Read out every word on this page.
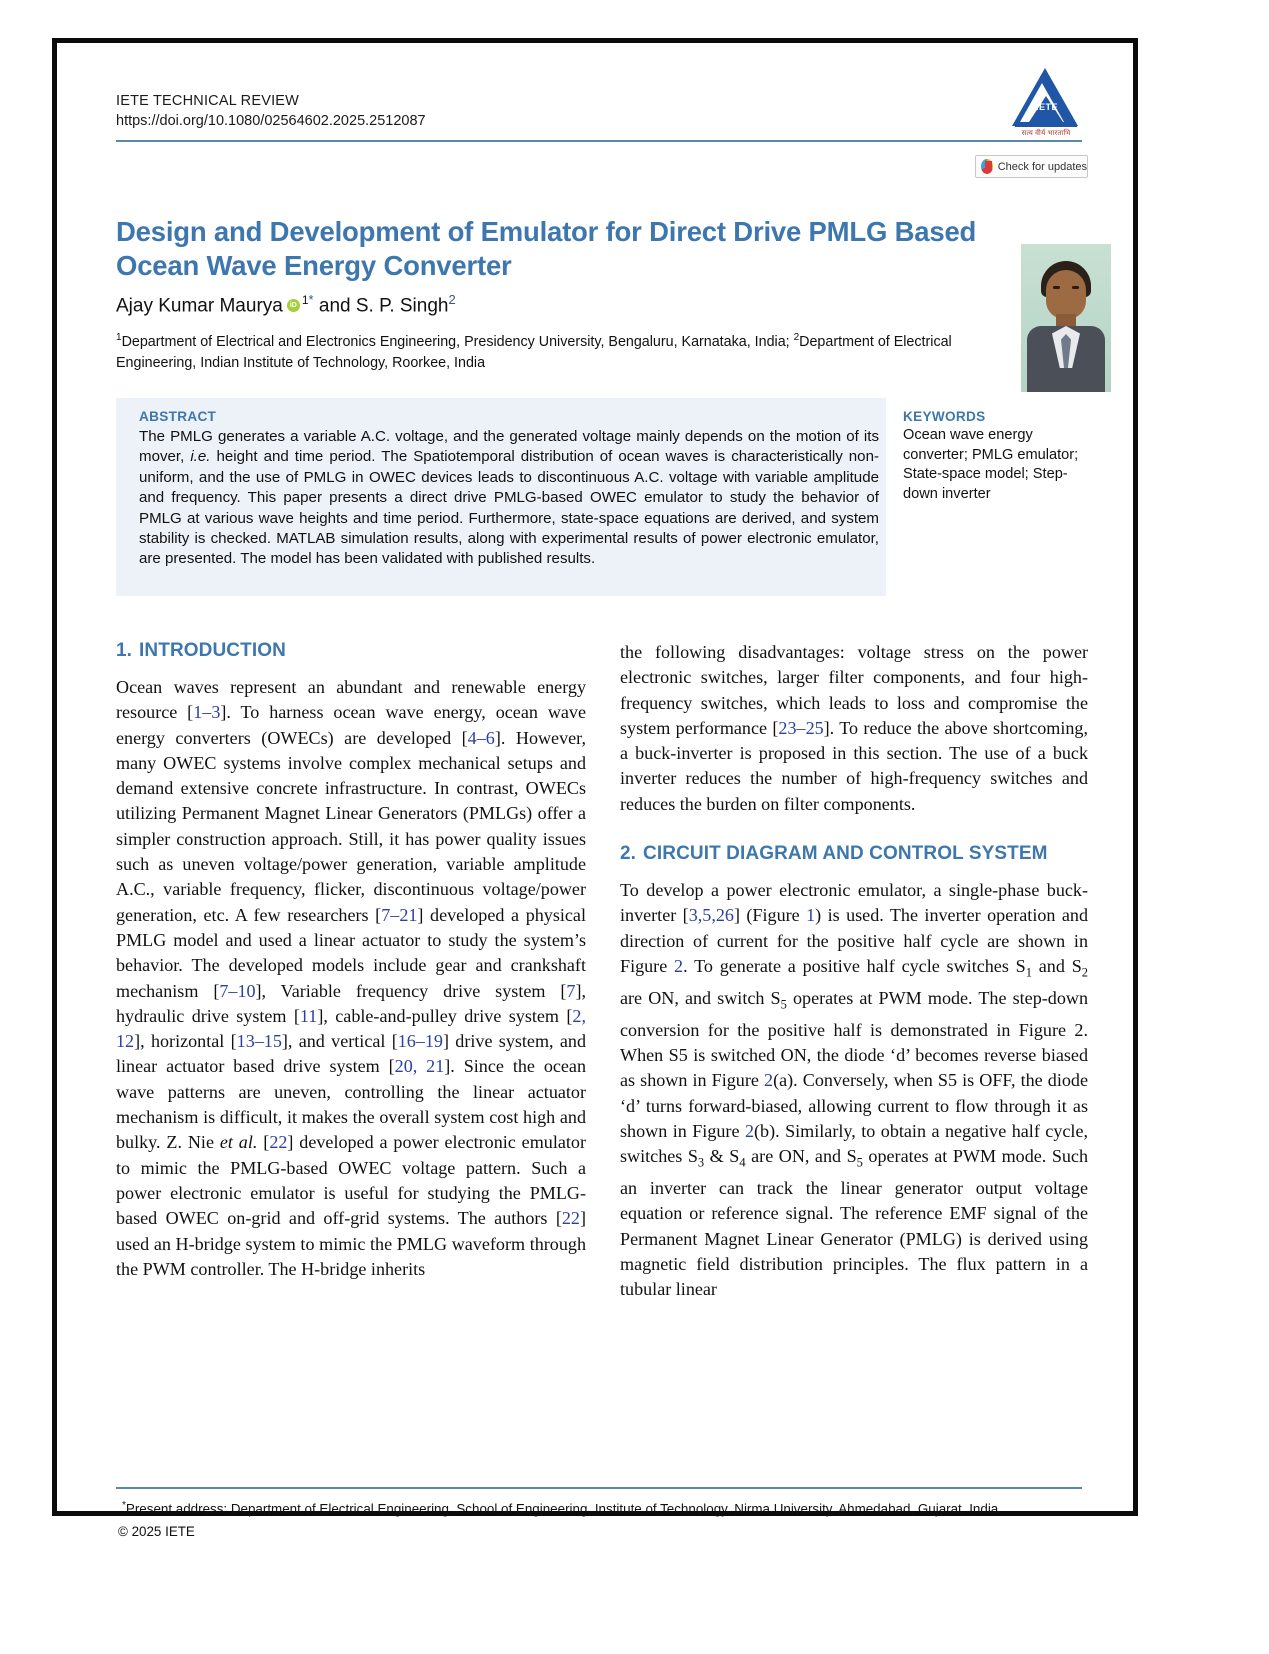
IETE TECHNICAL REVIEW
https://doi.org/10.1080/02564602.2025.2512087
IETE
सत्य वीर्य भारताभि
Check for updates
Design and Development of Emulator for Direct Drive PMLG Based Ocean Wave Energy Converter
Ajay Kumar Maurya iD $^{1*}$ and S. P. Singh$^2$
$^1$Department of Electrical and Electronics Engineering, Presidency University, Bengaluru, Karnataka, India; $^2$Department of Electrical Engineering, Indian Institute of Technology, Roorkee, India
ABSTRACT
The PMLG generates a variable A.C. voltage, and the generated voltage mainly depends on the motion of its mover, i.e. height and time period. The Spatiotemporal distribution of ocean waves is characteristically non-uniform, and the use of PMLG in OWEC devices leads to discontinuous A.C. voltage with variable amplitude and frequency. This paper presents a direct drive PMLG-based OWEC emulator to study the behavior of PMLG at various wave heights and time period. Furthermore, state-space equations are derived, and system stability is checked. MATLAB simulation results, along with experimental results of power electronic emulator, are presented. The model has been validated with published results.
KEYWORDS
Ocean wave energy converter; PMLG emulator; State-space model; Step-down inverter
1. INTRODUCTION

Ocean waves represent an abundant and renewable energy resource [1–3]. To harness ocean wave energy, ocean wave energy converters (OWECs) are developed [4–6]. However, many OWEC systems involve complex mechanical setups and demand extensive concrete infrastructure. In contrast, OWECs utilizing Permanent Magnet Linear Generators (PMLGs) offer a simpler construction approach. Still, it has power quality issues such as uneven voltage/power generation, variable amplitude A.C., variable frequency, flicker, discontinuous voltage/power generation, etc. A few researchers [7–21] developed a physical PMLG model and used a linear actuator to study the system’s behavior. The developed models include gear and crankshaft mechanism [7–10], Variable frequency drive system [7], hydraulic drive system [11], cable-and-pulley drive system [2, 12], horizontal [13–15], and vertical [16–19] drive system, and linear actuator based drive system [20, 21]. Since the ocean wave patterns are uneven, controlling the linear actuator mechanism is difficult, it makes the overall system cost high and bulky. Z. Nie et al. [22] developed a power electronic emulator to mimic the PMLG-based OWEC voltage pattern. Such a power electronic emulator is useful for studying the PMLG-based OWEC on-grid and off-grid systems. The authors [22] used an H-bridge system to mimic the PMLG waveform through the PWM controller. The H-bridge inherits

the following disadvantages: voltage stress on the power electronic switches, larger filter components, and four high-frequency switches, which leads to loss and compromise the system performance [23–25]. To reduce the above shortcoming, a buck-inverter is proposed in this section. The use of a buck inverter reduces the number of high-frequency switches and reduces the burden on filter components.

2. CIRCUIT DIAGRAM AND CONTROL SYSTEM

To develop a power electronic emulator, a single-phase buck-inverter [3,5,26] (Figure 1) is used. The inverter operation and direction of current for the positive half cycle are shown in Figure 2. To generate a positive half cycle switches $S_1$ and $S_2$ are ON, and switch $S_5$ operates at PWM mode. The step-down conversion for the positive half is demonstrated in Figure 2. When S5 is switched ON, the diode ‘d’ becomes reverse biased as shown in Figure 2(a). Conversely, when S5 is OFF, the diode ‘d’ turns forward-biased, allowing current to flow through it as shown in Figure 2(b). Similarly, to obtain a negative half cycle, switches $S_3$ & $S_4$ are ON, and $S_5$ operates at PWM mode. Such an inverter can track the linear generator output voltage equation or reference signal. The reference EMF signal of the Permanent Magnet Linear Generator (PMLG) is derived using magnetic field distribution principles. The flux pattern in a tubular linear

*Present address: Department of Electrical Engineering, School of Engineering, Institute of Technology, Nirma University, Ahmedabad, Gujarat, India
© 2025 IETE
